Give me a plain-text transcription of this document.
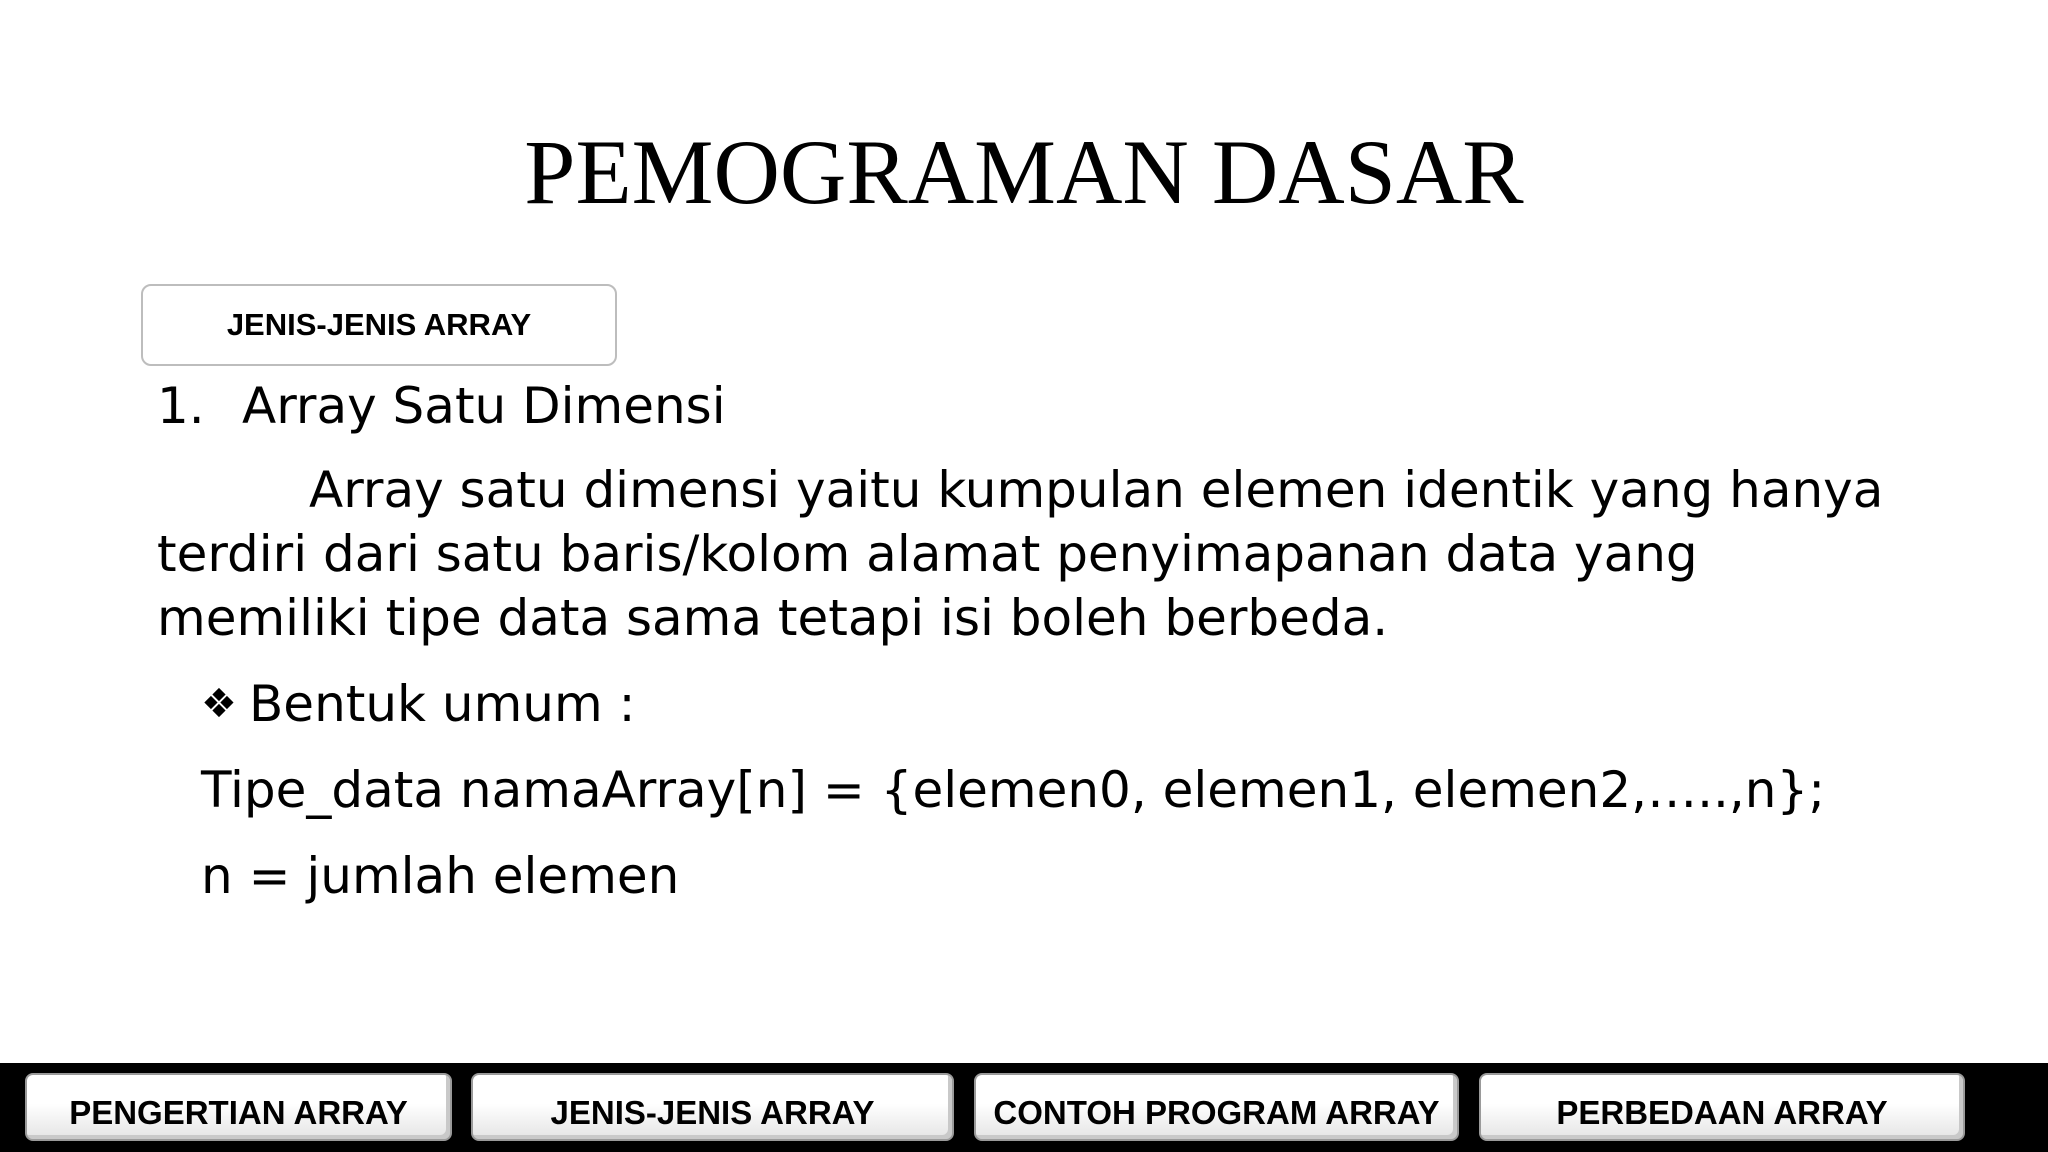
PEMOGRAMAN DASAR
JENIS-JENIS ARRAY
1. Array Satu Dimensi
Array satu dimensi yaitu kumpulan elemen identik yang hanya terdiri dari satu baris/kolom alamat penyimapanan data yang memiliki tipe data sama tetapi isi boleh berbeda.
❖ Bentuk umum :
Tipe_data namaArray[n] = {elemen0, elemen1, elemen2,…..,n};
n = jumlah elemen
PENGERTIAN ARRAY	JENIS-JENIS ARRAY	CONTOH PROGRAM ARRAY	PERBEDAAN ARRAY
